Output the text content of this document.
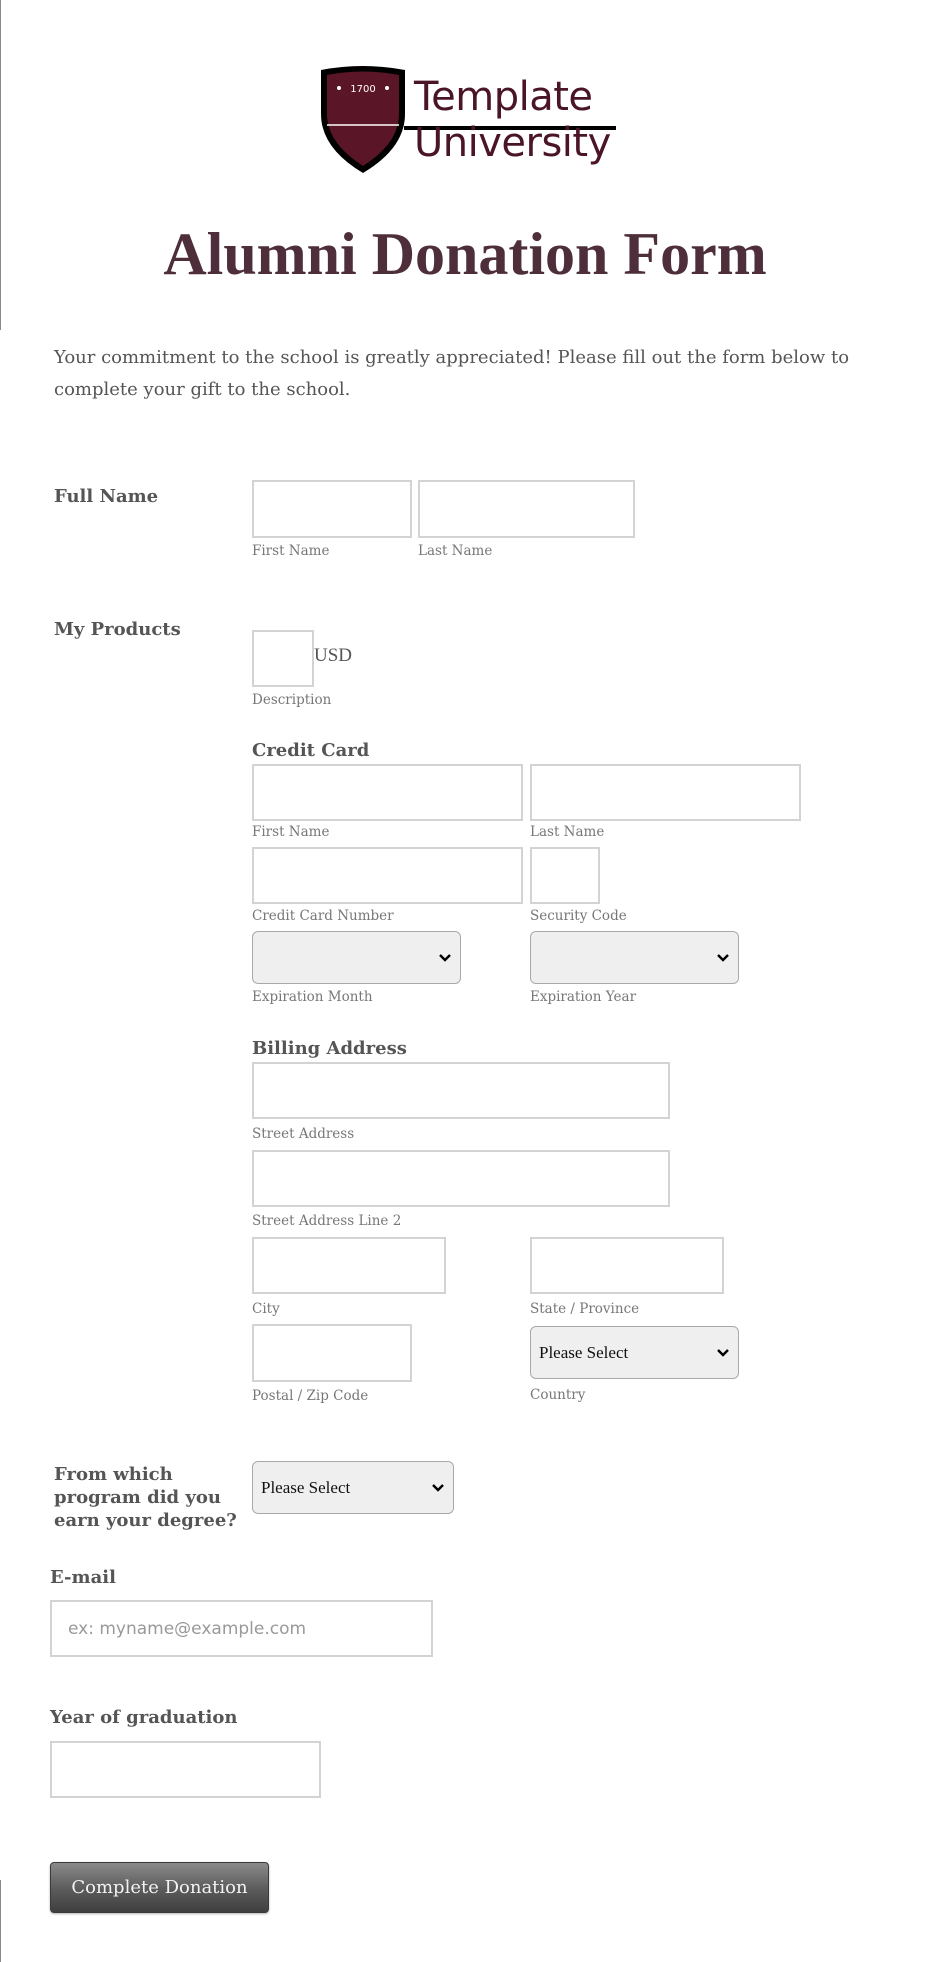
1700 Template
University
Alumni Donation Form

Your commitment to the school is greatly appreciated! Please fill out the form below to complete your gift to the school.

Full Name
First Name	Last Name
My Products
USD
Description
Credit Card
First Name	Last Name
Credit Card Number	Security Code
Expiration Month	Expiration Year
Billing Address
Street Address
Street Address Line 2
City	State / Province
Please Select
Postal / Zip Code	Country
From which program did you earn your degree?
Please Select
E-mail
ex: myname@example.com
Year of graduation
Complete Donation
